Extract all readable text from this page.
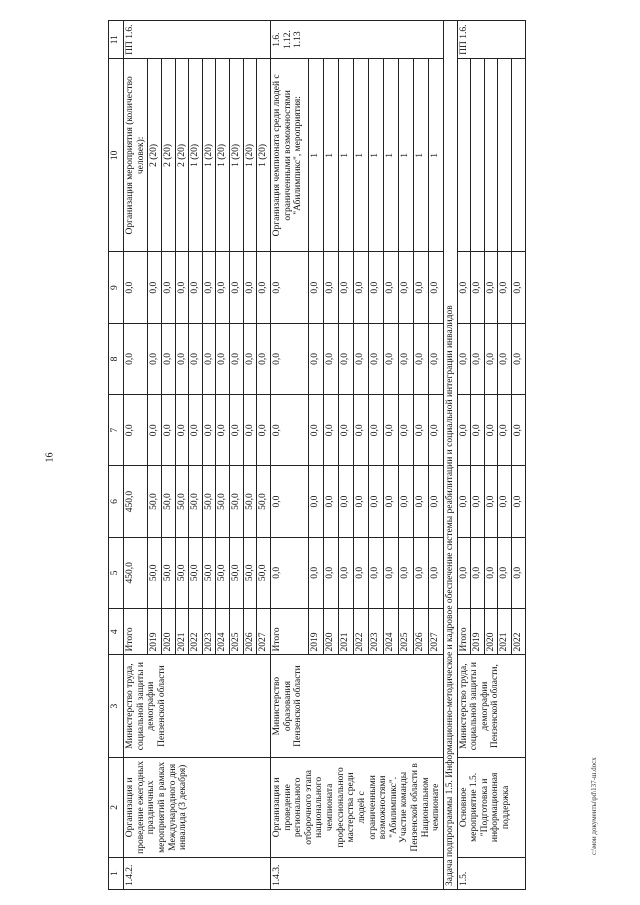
16
c:\мои документы\pd\137-ш.docx
1	2	3	4	5	6	7	8	9	10	11
1.4.2.	Организация и проведение ежегодных праздничных мероприятий в рамках Международного дня инвалида (3 декабря)	Министерство труда, социальной защиты и демографии Пензенской области	Итого	450,0	450,0	0,0	0,0	0,0	Организация мероприятия (количество человек):	ПП 1.6.
			2019	50,0	50,0	0,0	0,0	0,0	2 (20)	
			2020	50,0	50,0	0,0	0,0	0,0	2 (20)	
			2021	50,0	50,0	0,0	0,0	0,0	2 (20)	
			2022	50,0	50,0	0,0	0,0	0,0	1 (20)	
			2023	50,0	50,0	0,0	0,0	0,0	1 (20)	
			2024	50,0	50,0	0,0	0,0	0,0	1 (20)	
			2025	50,0	50,0	0,0	0,0	0,0	1 (20)	
			2026	50,0	50,0	0,0	0,0	0,0	1 (20)	
			2027	50,0	50,0	0,0	0,0	0,0	1 (20)	
1.4.3.	Организация и проведение регионального отборочного этапа национального чемпионата профессионального мастерства среди людей с ограниченными возможностями "Абилимпикс". Участие команды Пензенской области в Национальном чемпионате	Министерство образования Пензенской области	Итого	0,0	0,0	0,0	0,0	0,0	Организация чемпионата среди людей с ограниченными возможностями "Абилимпикс", мероприятия:	1.6. 1.12. 1.13
			2019	0,0	0,0	0,0	0,0	0,0	1	
			2020	0,0	0,0	0,0	0,0	0,0	1	
			2021	0,0	0,0	0,0	0,0	0,0	1	
			2022	0,0	0,0	0,0	0,0	0,0	1	
			2023	0,0	0,0	0,0	0,0	0,0	1	
			2024	0,0	0,0	0,0	0,0	0,0	1	
			2025	0,0	0,0	0,0	0,0	0,0	1	
			2026	0,0	0,0	0,0	0,0	0,0	1	
			2027	0,0	0,0	0,0	0,0	0,0	1	
Задача подпрограммы 1.5. Информационно-методическое и кадровое обеспечение системы реабилитации и социальной интеграции инвалидов										
1.5.	Основное мероприятие 1.5. "Подготовка и информационная поддержка	Министерство труда, социальной защиты и демографии Пензенской области,	Итого	0,0	0,0	0,0	0,0	0,0		ПП 1.6.
			2019	0,0	0,0	0,0	0,0	0,0		
			2020	0,0	0,0	0,0	0,0	0,0		
			2021	0,0	0,0	0,0	0,0	0,0		
			2022	0,0	0,0	0,0	0,0	0,0		
